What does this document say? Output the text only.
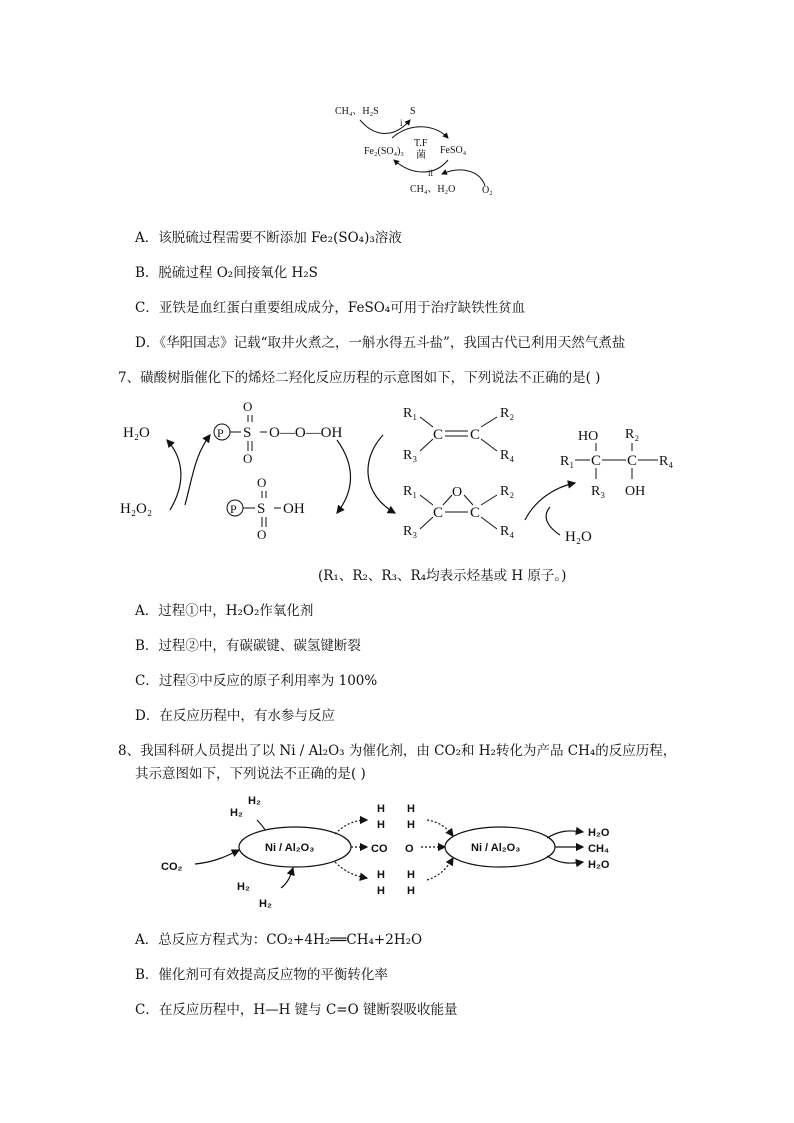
CH₄、H₂S	S
i
T.F
菌
Fe₂(SO₄)₃	FeSO₄
ii
CH₄、H₂O	O₂
A．该脱硫过程需要不断添加 Fe₂(SO₄)₃溶液
B．脱硫过程 O₂间接氧化 H₂S
C．亚铁是血红蛋白重要组成成分，FeSO₄可用于治疗缺铁性贫血
D．《华阳国志》记载“取井火煮之，一斛水得五斗盐”，我国古代已利用天然气煮盐
7、磺酸树脂催化下的烯烃二羟化反应历程的示意图如下，下列说法不正确的是( )
H₂O
H₂O₂
P S
O
O
O—O—OH
P S
O
O
OH
R₁	R₂
R₃	R₄
C C
R₁	R₂
R₃	R₄
O
C C
H₂O
HO R₂
R₁ C C R₄
R₃ OH
(R₁、R₂、R₃、R₄均表示烃基或 H 原子。)
A．过程①中，H₂O₂作氧化剂
B．过程②中，有碳碳键、碳氢键断裂
C．过程③中反应的原子利用率为 100%
D．在反应历程中，有水参与反应
8、我国科研人员提出了以 Ni / Al₂O₃ 为催化剂，由 CO₂和 H₂转化为产品 CH₄的反应历程，
其示意图如下，下列说法不正确的是( )
H₂
H₂
Ni / Al₂O₃
CO₂
H₂
H₂
H H
H H
CO O
H H
H H
Ni / Al₂O₃
H₂O
CH₄
H₂O
A．总反应方程式为：CO₂+4H₂══CH₄+2H₂O
B．催化剂可有效提高反应物的平衡转化率
C．在反应历程中，H—H 键与 C=O 键断裂吸收能量
